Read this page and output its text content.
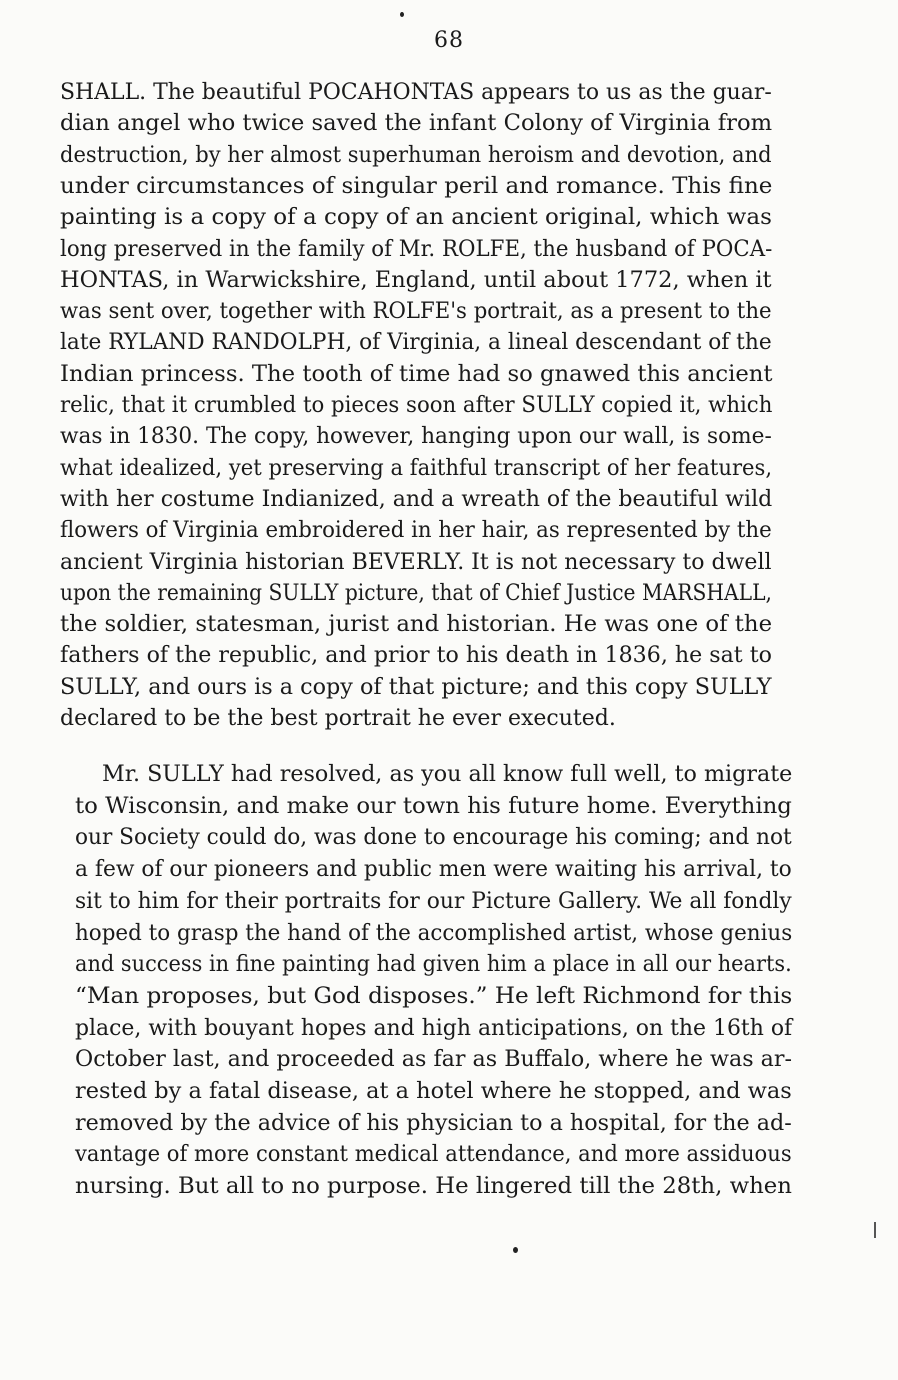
68
SHALL. The beautiful POCAHONTAS appears to us as the guar-
dian angel who twice saved the infant Colony of Virginia from
destruction, by her almost superhuman heroism and devotion, and
under circumstances of singular peril and romance. This fine
painting is a copy of a copy of an ancient original, which was
long preserved in the family of Mr. ROLFE, the husband of POCA-
HONTAS, in Warwickshire, England, until about 1772, when it
was sent over, together with ROLFE's portrait, as a present to the
late RYLAND RANDOLPH, of Virginia, a lineal descendant of the
Indian princess. The tooth of time had so gnawed this ancient
relic, that it crumbled to pieces soon after SULLY copied it, which
was in 1830. The copy, however, hanging upon our wall, is some-
what idealized, yet preserving a faithful transcript of her features,
with her costume Indianized, and a wreath of the beautiful wild
flowers of Virginia embroidered in her hair, as represented by the
ancient Virginia historian BEVERLY. It is not necessary to dwell
upon the remaining SULLY picture, that of Chief Justice MARSHALL,
the soldier, statesman, jurist and historian. He was one of the
fathers of the republic, and prior to his death in 1836, he sat to
SULLY, and ours is a copy of that picture; and this copy SULLY
declared to be the best portrait he ever executed.
Mr. SULLY had resolved, as you all know full well, to migrate
to Wisconsin, and make our town his future home. Everything
our Society could do, was done to encourage his coming; and not
a few of our pioneers and public men were waiting his arrival, to
sit to him for their portraits for our Picture Gallery. We all fondly
hoped to grasp the hand of the accomplished artist, whose genius
and success in fine painting had given him a place in all our hearts.
“Man proposes, but God disposes.” He left Richmond for this
place, with bouyant hopes and high anticipations, on the 16th of
October last, and proceeded as far as Buffalo, where he was ar-
rested by a fatal disease, at a hotel where he stopped, and was
removed by the advice of his physician to a hospital, for the ad-
vantage of more constant medical attendance, and more assiduous
nursing. But all to no purpose. He lingered till the 28th, when
